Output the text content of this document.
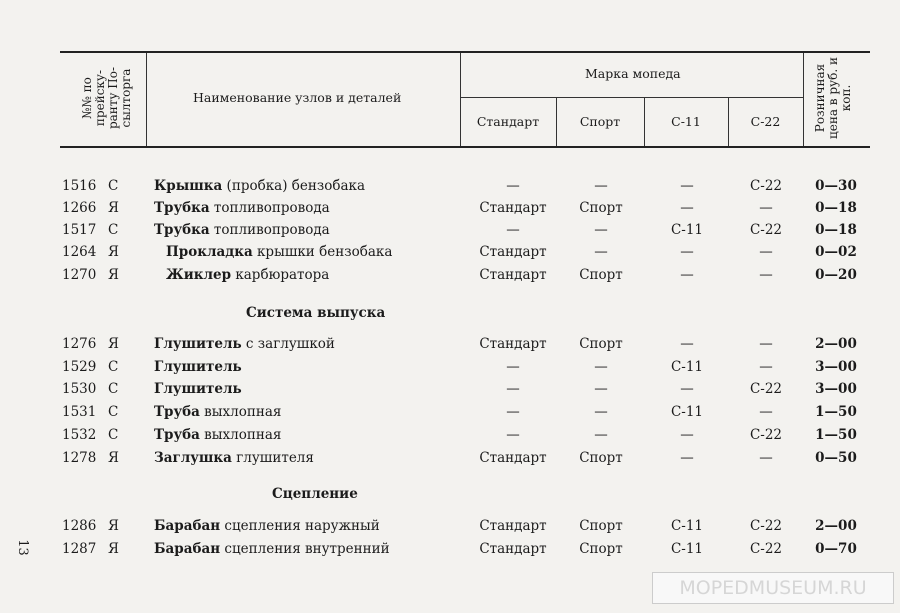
№№ по прейску-ранту По-сылторга	Наименование узлов и деталей
Марка мопеда
Стандарт	Спорт	С-11	С-22	Розничная цена в руб. и коп.
Система выпуска
Сцепление
1516 С	Крышка (пробка) бензобака	—	—	—	С-22	0—30
1266 Я	Трубка топливопровода	Стандарт	Спорт	—	—	0—18
1517 С	Трубка топливопровода	—	—	С-11	С-22	0—18
1264 Я	Прокладка крышки бензобака	Стандарт	—	—	—	0—02
1270 Я	Жиклер карбюратора	Стандарт	Спорт	—	—	0—20
1276 Я	Глушитель с заглушкой	Стандарт	Спорт	—	—	2—00
1529 С	Глушитель	—	—	С-11	—	3—00
1530 С	Глушитель	—	—	—	С-22	3—00
1531 С	Труба выхлопная	—	—	С-11	—	1—50
1532 С	Труба выхлопная	—	—	—	С-22	1—50
1278 Я	Заглушка глушителя	Стандарт	Спорт	—	—	0—50
1286 Я	Барабан сцепления наружный	Стандарт	Спорт	С-11	С-22	2—00
1287 Я	Барабан сцепления внутренний	Стандарт	Спорт	С-11	С-22	0—70
13
MOPEDMUSEUM.RU
